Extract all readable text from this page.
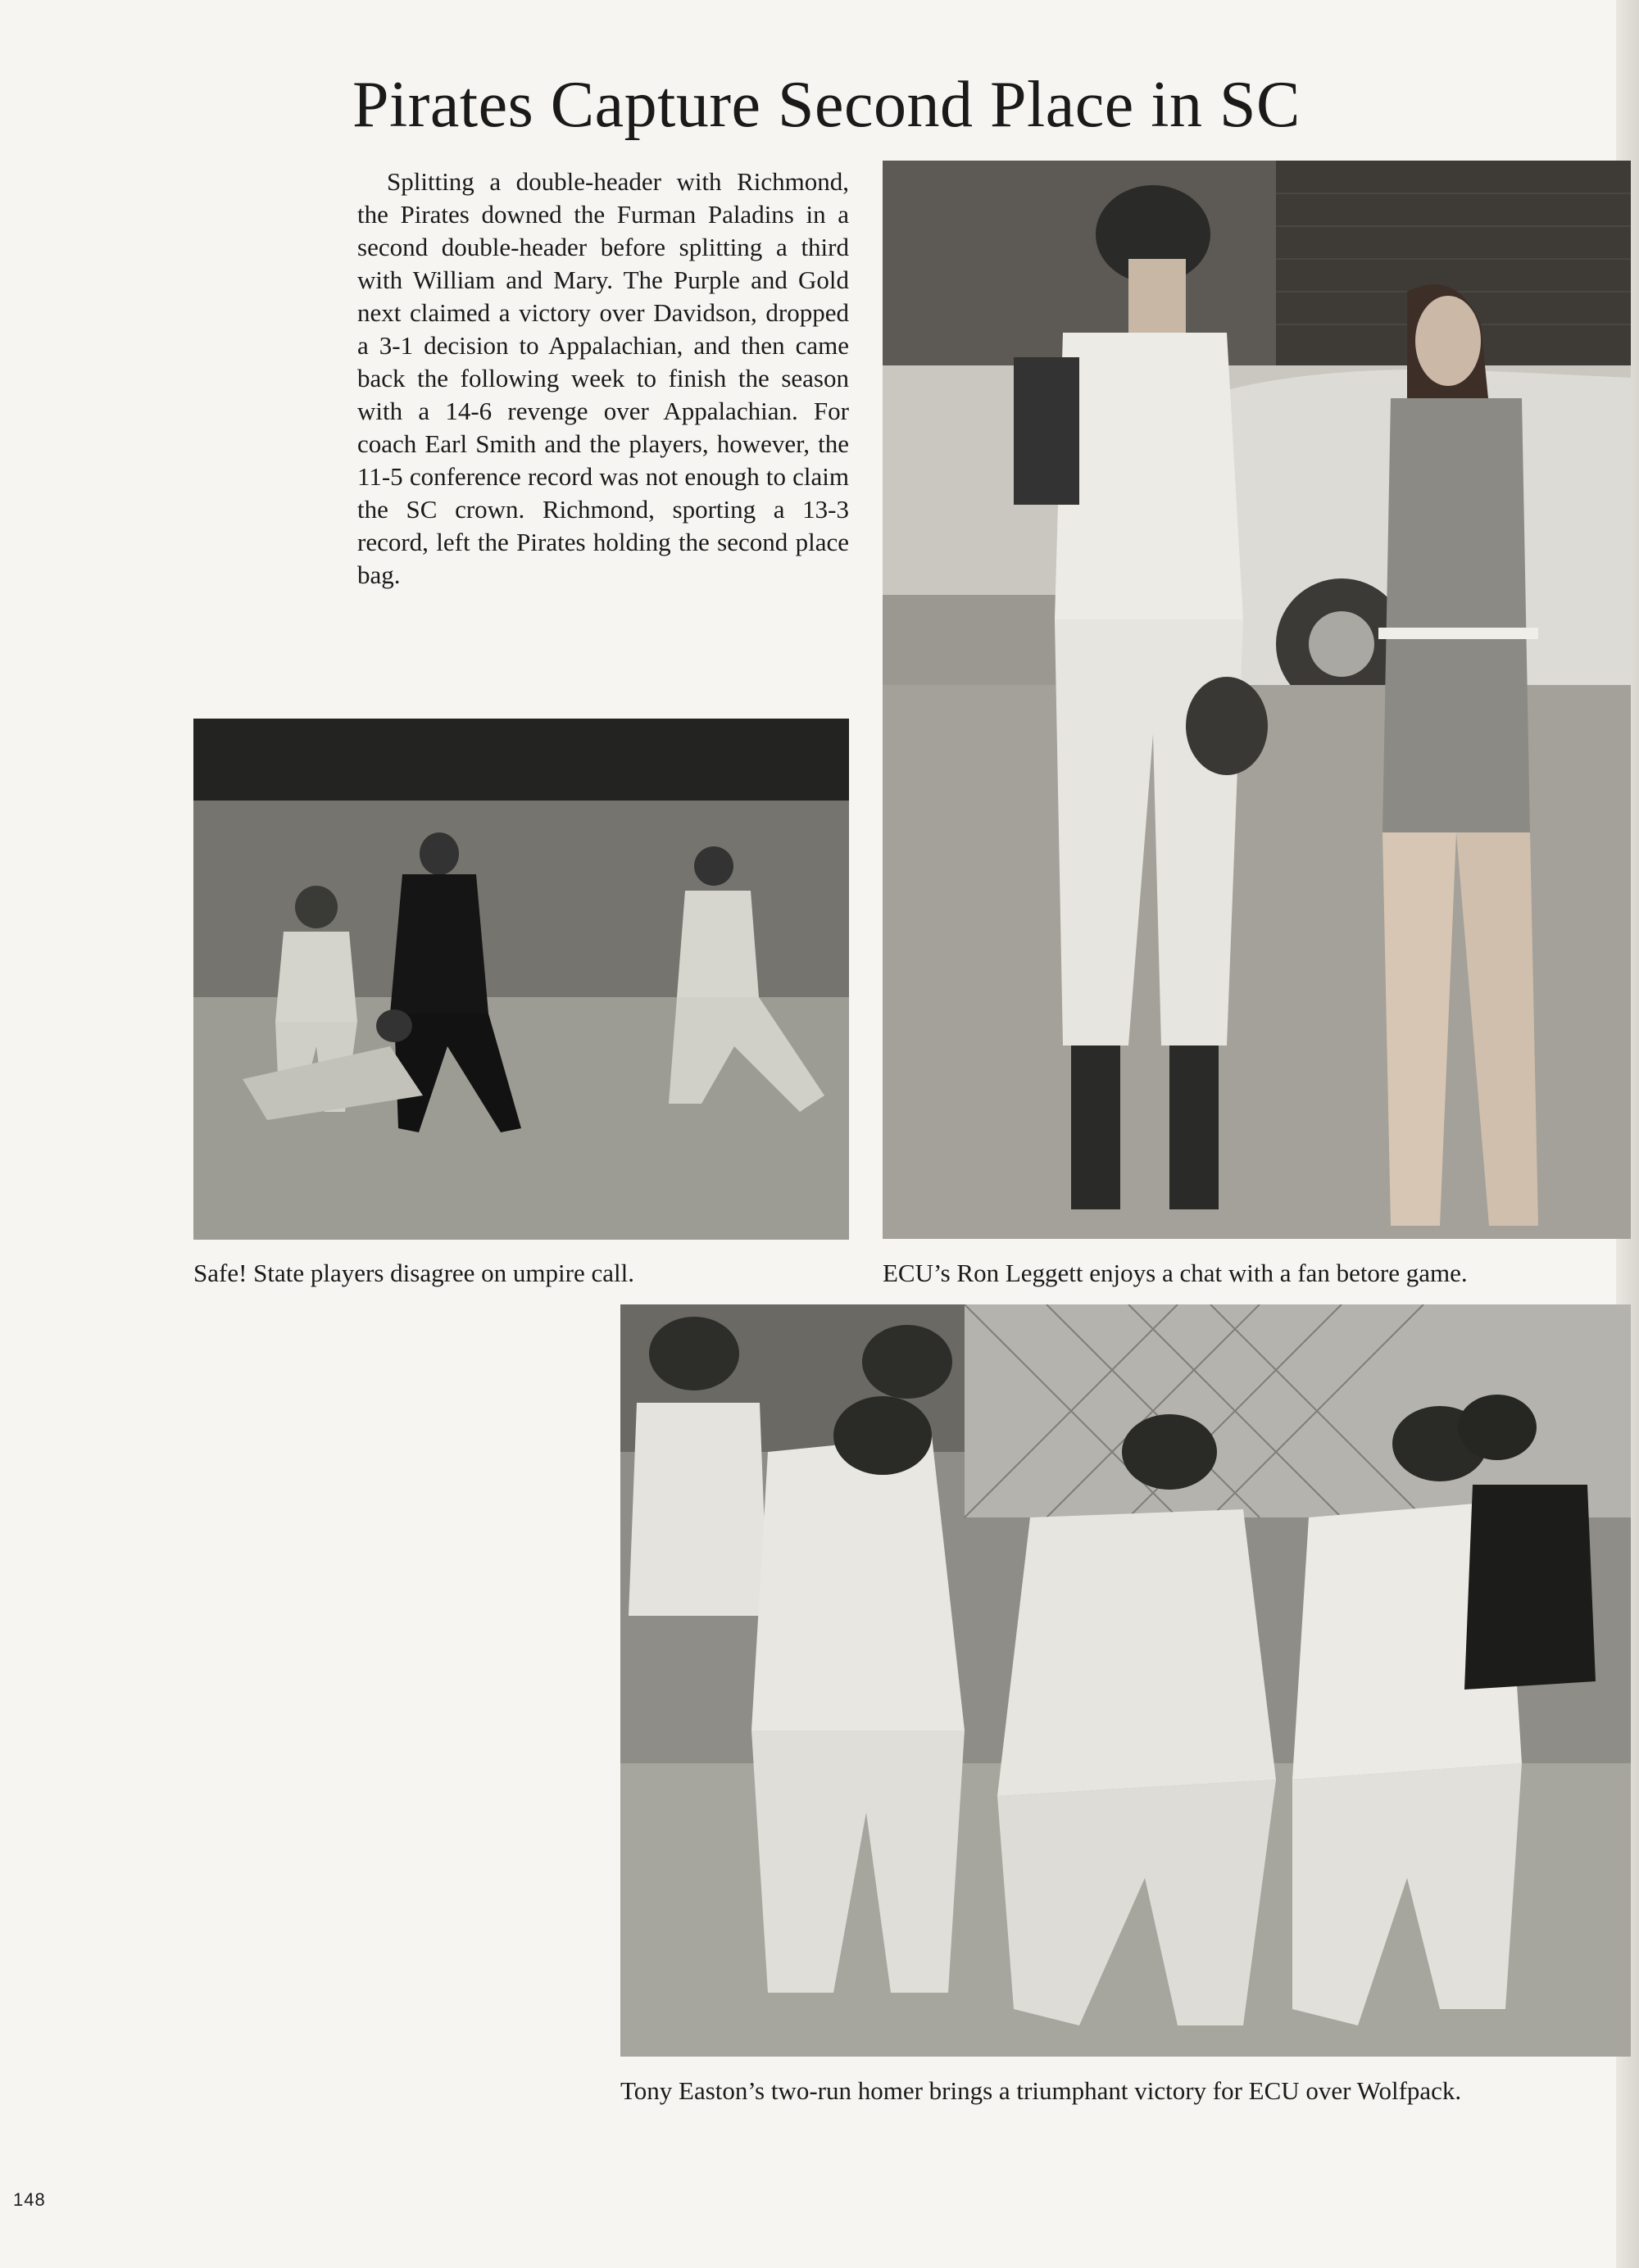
Pirates Capture Second Place in SC

Splitting a double-header with Richmond, the Pirates downed the Furman Paladins in a second double-header before splitting a third with William and Mary. The Purple and Gold next claimed a victory over Davidson, dropped a 3-1 decision to Appalachian, and then came back the following week to finish the season with a 14-6 revenge over Appalachian. For coach Earl Smith and the players, however, the 11-5 conference record was not enough to claim the SC crown. Richmond, sporting a 13-3 record, left the Pirates holding the second place bag.

Safe! State players disagree on umpire call.	ECU’s Ron Leggett enjoys a chat with a fan betore game.
Tony Easton’s two-run homer brings a triumphant victory for ECU over Wolfpack.
148
